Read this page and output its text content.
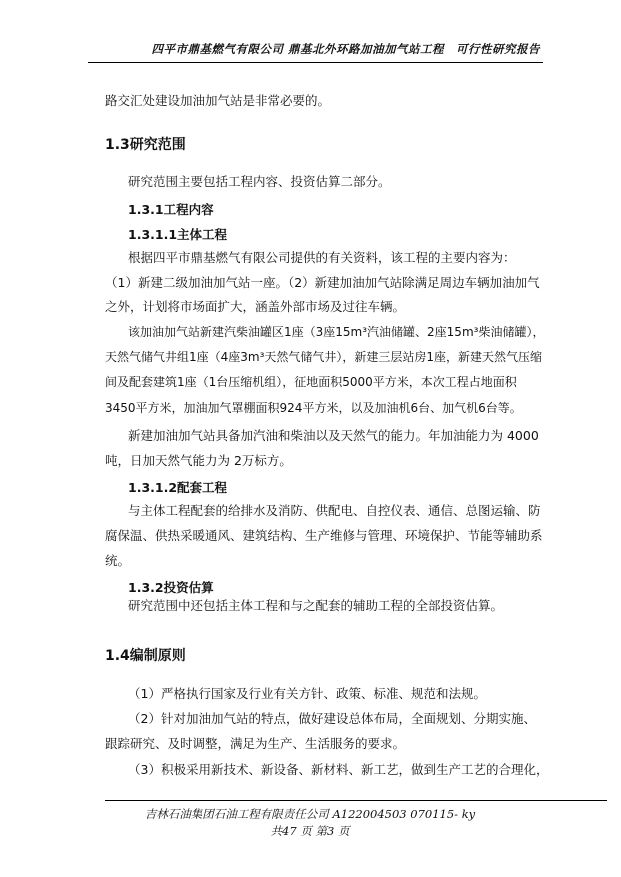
四平市鼎基燃气有限公司 鼎基北外环路加油加气站工程　可行性研究报告
路交汇处建设加油加气站是非常必要的。
1.3研究范围
研究范围主要包括工程内容、投资估算二部分。
1.3.1工程内容
1.3.1.1主体工程
根据四平市鼎基燃气有限公司提供的有关资料，该工程的主要内容为：
（1）新建二级加油加气站一座。（2）新建加油加气站除满足周边车辆加油加气
之外，计划将市场面扩大，涵盖外部市场及过往车辆。
该加油加气站新建汽柴油罐区1座（3座15m³汽油储罐、2座15m³柴油储罐），
天然气储气井组1座（4座3m³天然气储气井），新建三层站房1座，新建天然气压缩
间及配套建筑1座（1台压缩机组），征地面积5000平方米，本次工程占地面积
3450平方米，加油加气罩棚面积924平方米，以及加油机6台、加气机6台等。
新建加油加气站具备加汽油和柴油以及天然气的能力。年加油能力为 4000
吨，日加天然气能力为 2万标方。
1.3.1.2配套工程
与主体工程配套的给排水及消防、供配电、自控仪表、通信、总图运输、防
腐保温、供热采暖通风、建筑结构、生产维修与管理、环境保护、节能等辅助系
统。
1.3.2投资估算
研究范围中还包括主体工程和与之配套的辅助工程的全部投资估算。
1.4编制原则
（1）严格执行国家及行业有关方针、政策、标准、规范和法规。
（2）针对加油加气站的特点，做好建设总体布局，全面规划、分期实施、
跟踪研究、及时调整，满足为生产、生活服务的要求。
（3）积极采用新技术、新设备、新材料、新工艺，做到生产工艺的合理化，
吉林石油集团石油工程有限责任公司 A122004503 070115- ky
共47 页 第3 页
